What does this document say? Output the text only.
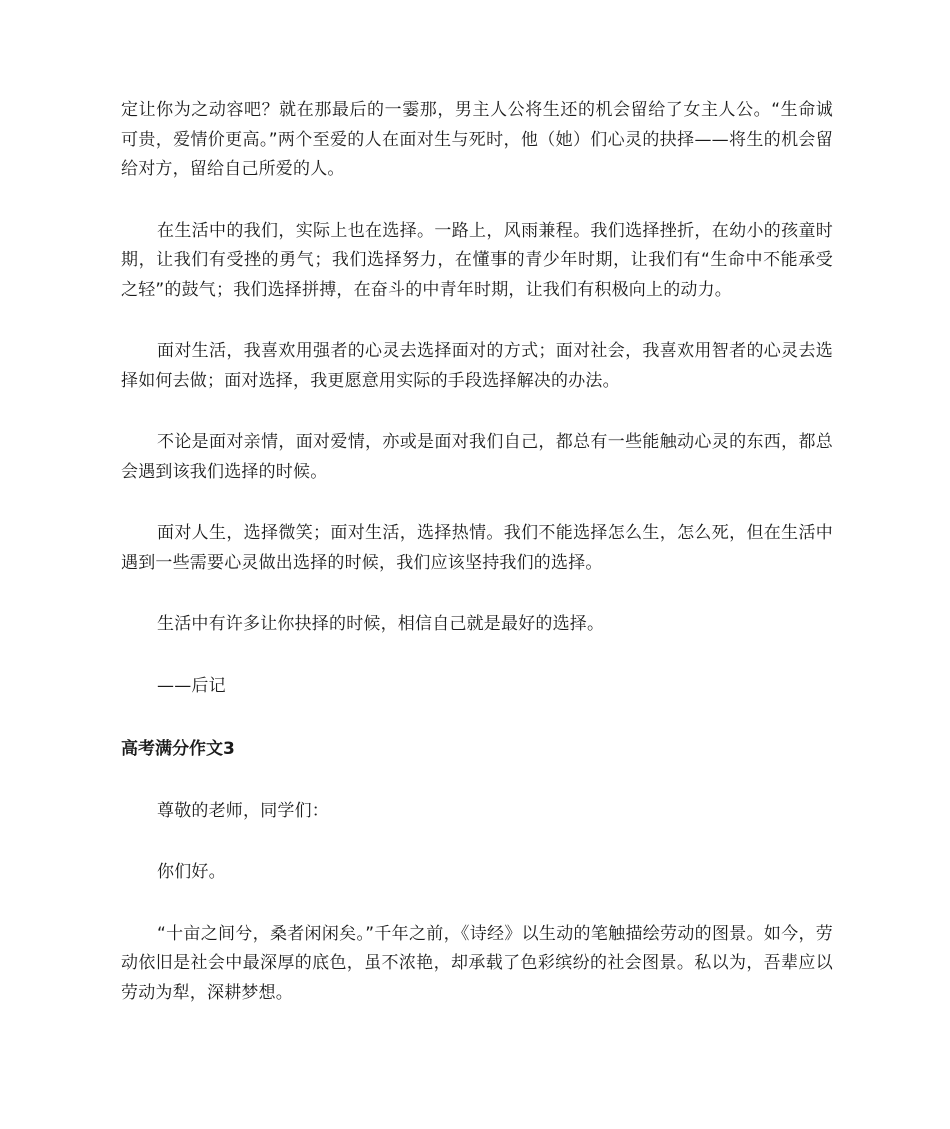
定让你为之动容吧？就在那最后的一霎那，男主人公将生还的机会留给了女主人公。“生命诚可贵，爱情价更高。”两个至爱的人在面对生与死时，他（她）们心灵的抉择——将生的机会留给对方，留给自己所爱的人。

在生活中的我们，实际上也在选择。一路上，风雨兼程。我们选择挫折，在幼小的孩童时期，让我们有受挫的勇气；我们选择努力，在懂事的青少年时期，让我们有“生命中不能承受之轻”的鼓气；我们选择拼搏，在奋斗的中青年时期，让我们有积极向上的动力。

面对生活，我喜欢用强者的心灵去选择面对的方式；面对社会，我喜欢用智者的心灵去选择如何去做；面对选择，我更愿意用实际的手段选择解决的办法。

不论是面对亲情，面对爱情，亦或是面对我们自己，都总有一些能触动心灵的东西，都总会遇到该我们选择的时候。

面对人生，选择微笑；面对生活，选择热情。我们不能选择怎么生，怎么死，但在生活中遇到一些需要心灵做出选择的时候，我们应该坚持我们的选择。

生活中有许多让你抉择的时候，相信自己就是最好的选择。

——后记

高考满分作文3

尊敬的老师，同学们：

你们好。

“十亩之间兮，桑者闲闲矣。”千年之前，《诗经》以生动的笔触描绘劳动的图景。如今，劳动依旧是社会中最深厚的底色，虽不浓艳，却承载了色彩缤纷的社会图景。私以为，吾辈应以劳动为犁，深耕梦想。
